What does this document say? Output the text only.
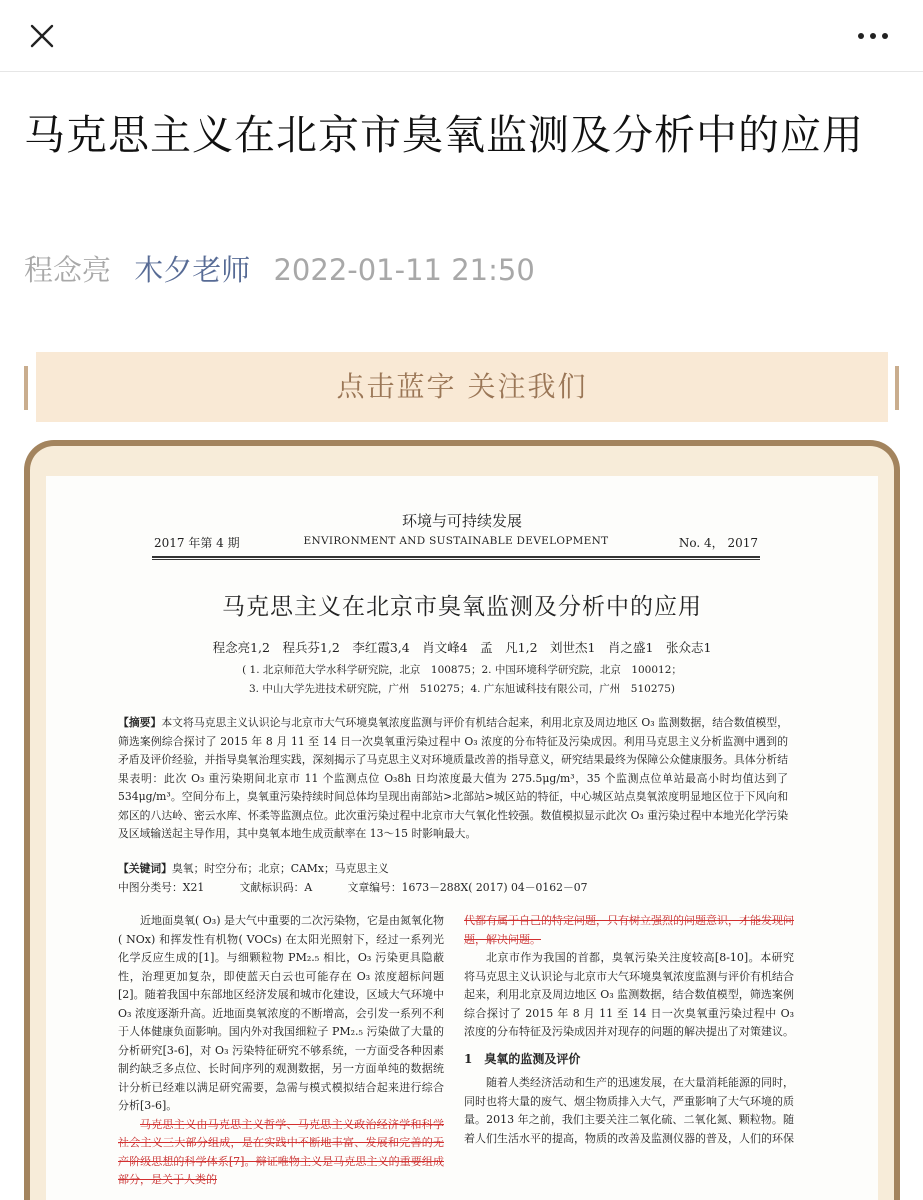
马克思主义在北京市臭氧监测及分析中的应用
程念亮 木夕老师 2022-01-11 21:50
点击蓝字 关注我们
环境与可持续发展
2017 年第 4 期	ENVIRONMENT AND SUSTAINABLE DEVELOPMENT	No. 4， 2017
马克思主义在北京市臭氧监测及分析中的应用
程念亮1,2　程兵芬1,2　李红霞3,4　肖文峰4　孟　凡1,2　刘世杰1　肖之盛1　张众志1
( 1. 北京师范大学水科学研究院，北京　100875；2. 中国环境科学研究院，北京　100012；
3. 中山大学先进技术研究院，广州　510275；4. 广东旭诚科技有限公司，广州　510275)
【摘要】本文将马克思主义认识论与北京市大气环境臭氧浓度监测与评价有机结合起来，利用北京及周边地区 O₃ 监测数据，结合数值模型，筛选案例综合探讨了 2015 年 8 月 11 至 14 日一次臭氧重污染过程中 O₃ 浓度的分布特征及污染成因。利用马克思主义分析监测中遇到的矛盾及评价经验，并指导臭氧治理实践，深刻揭示了马克思主义对环境质量改善的指导意义，研究结果最终为保障公众健康服务。具体分析结果表明：此次 O₃ 重污染期间北京市 11 个监测点位 O₃8h 日均浓度最大值为 275.5μg/m³，35 个监测点位单站最高小时均值达到了 534μg/m³。空间分布上，臭氧重污染持续时间总体均呈现出南部站>北部站>城区站的特征，中心城区站点臭氧浓度明显地区位于下风向和郊区的八达岭、密云水库、怀柔等监测点位。此次重污染过程中北京市大气氧化性较强。数值模拟显示此次 O₃ 重污染过程中本地光化学污染及区域输送起主导作用，其中臭氧本地生成贡献率在 13～15 时影响最大。
【关键词】臭氧；时空分布；北京；CAMx；马克思主义
中图分类号：X21	文献标识码：A	文章编号：1673－288X( 2017) 04－0162－07
近地面臭氧( O₃) 是大气中重要的二次污染物，它是由氮氧化物( NOx) 和挥发性有机物( VOCs) 在太阳光照射下，经过一系列光化学反应生成的[1]。与细颗粒物 PM₂.₅ 相比，O₃ 污染更具隐蔽性，治理更加复杂，即使蓝天白云也可能存在 O₃ 浓度超标问题[2]。随着我国中东部地区经济发展和城市化建设，区域大气环境中 O₃ 浓度逐渐升高。近地面臭氧浓度的不断增高，会引发一系列不利于人体健康负面影响。国内外对我国细粒子 PM₂.₅ 污染做了大量的分析研究[3-6]，对 O₃ 污染特征研究不够系统，一方面受各种因素制约缺乏多点位、长时间序列的观测数据，另一方面单纯的数据统计分析已经难以满足研究需要，急需与模式模拟结合起来进行综合分析[3-6]。
马克思主义由马克思主义哲学、马克思主义政治经济学和科学社会主义三大部分组成，是在实践中不断地丰富、发展和完善的无产阶级思想的科学体系[7]。辩证唯物主义是马克思主义的重要组成部分，是关于人类的
代都有属于自己的特定问题，只有树立强烈的问题意识，才能发现问题，解决问题。
北京市作为我国的首都，臭氧污染关注度较高[8-10]。本研究将马克思主义认识论与北京市大气环境臭氧浓度监测与评价有机结合起来，利用北京及周边地区 O₃ 监测数据，结合数值模型，筛选案例综合探讨了 2015 年 8 月 11 至 14 日一次臭氧重污染过程中 O₃ 浓度的分布特征及污染成因并对现存的问题的解决提出了对策建议。
1　臭氧的监测及评价
随着人类经济活动和生产的迅速发展，在大量消耗能源的同时，同时也将大量的废气、烟尘物质排入大气，严重影响了大气环境的质量。2013 年之前，我们主要关注二氧化硫、二氧化氮、颗粒物。随着人们生活水平的提高，物质的改善及监测仪器的普及，人们的环保
